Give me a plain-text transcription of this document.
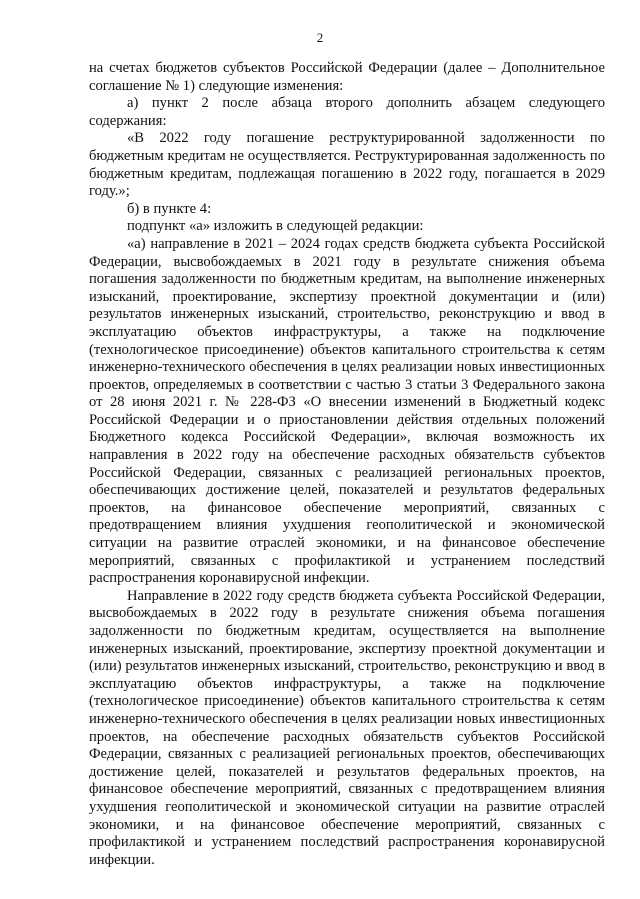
2

на счетах бюджетов субъектов Российской Федерации (далее – Дополнительное соглашение № 1) следующие изменения:

а) пункт 2 после абзаца второго дополнить абзацем следующего содержания:

«В 2022 году погашение реструктурированной задолженности по бюджетным кредитам не осуществляется. Реструктурированная задолженность по бюджетным кредитам, подлежащая погашению в 2022 году, погашается в 2029 году.»;

б) в пункте 4:

подпункт «а» изложить в следующей редакции:

«а) направление в 2021 – 2024 годах средств бюджета субъекта Российской Федерации, высвобождаемых в 2021 году в результате снижения объема погашения задолженности по бюджетным кредитам, на выполнение инженерных изысканий, проектирование, экспертизу проектной документации и (или) результатов инженерных изысканий, строительство, реконструкцию и ввод в эксплуатацию объектов инфраструктуры, а также на подключение (технологическое присоединение) объектов капитального строительства к сетям инженерно-технического обеспечения в целях реализации новых инвестиционных проектов, определяемых в соответствии с частью 3 статьи 3 Федерального закона от 28 июня 2021 г. № 228-ФЗ «О внесении изменений в Бюджетный кодекс Российской Федерации и о приостановлении действия отдельных положений Бюджетного кодекса Российской Федерации», включая возможность их направления в 2022 году на обеспечение расходных обязательств субъектов Российской Федерации, связанных с реализацией региональных проектов, обеспечивающих достижение целей, показателей и результатов федеральных проектов, на финансовое обеспечение мероприятий, связанных с предотвращением влияния ухудшения геополитической и экономической ситуации на развитие отраслей экономики, и на финансовое обеспечение мероприятий, связанных с профилактикой и устранением последствий распространения коронавирусной инфекции.

Направление в 2022 году средств бюджета субъекта Российской Федерации, высвобождаемых в 2022 году в результате снижения объема погашения задолженности по бюджетным кредитам, осуществляется на выполнение инженерных изысканий, проектирование, экспертизу проектной документации и (или) результатов инженерных изысканий, строительство, реконструкцию и ввод в эксплуатацию объектов инфраструктуры, а также на подключение (технологическое присоединение) объектов капитального строительства к сетям инженерно-технического обеспечения в целях реализации новых инвестиционных проектов, на обеспечение расходных обязательств субъектов Российской Федерации, связанных с реализацией региональных проектов, обеспечивающих достижение целей, показателей и результатов федеральных проектов, на финансовое обеспечение мероприятий, связанных с предотвращением влияния ухудшения геополитической и экономической ситуации на развитие отраслей экономики, и на финансовое обеспечение мероприятий, связанных с профилактикой и устранением последствий распространения коронавирусной инфекции.
